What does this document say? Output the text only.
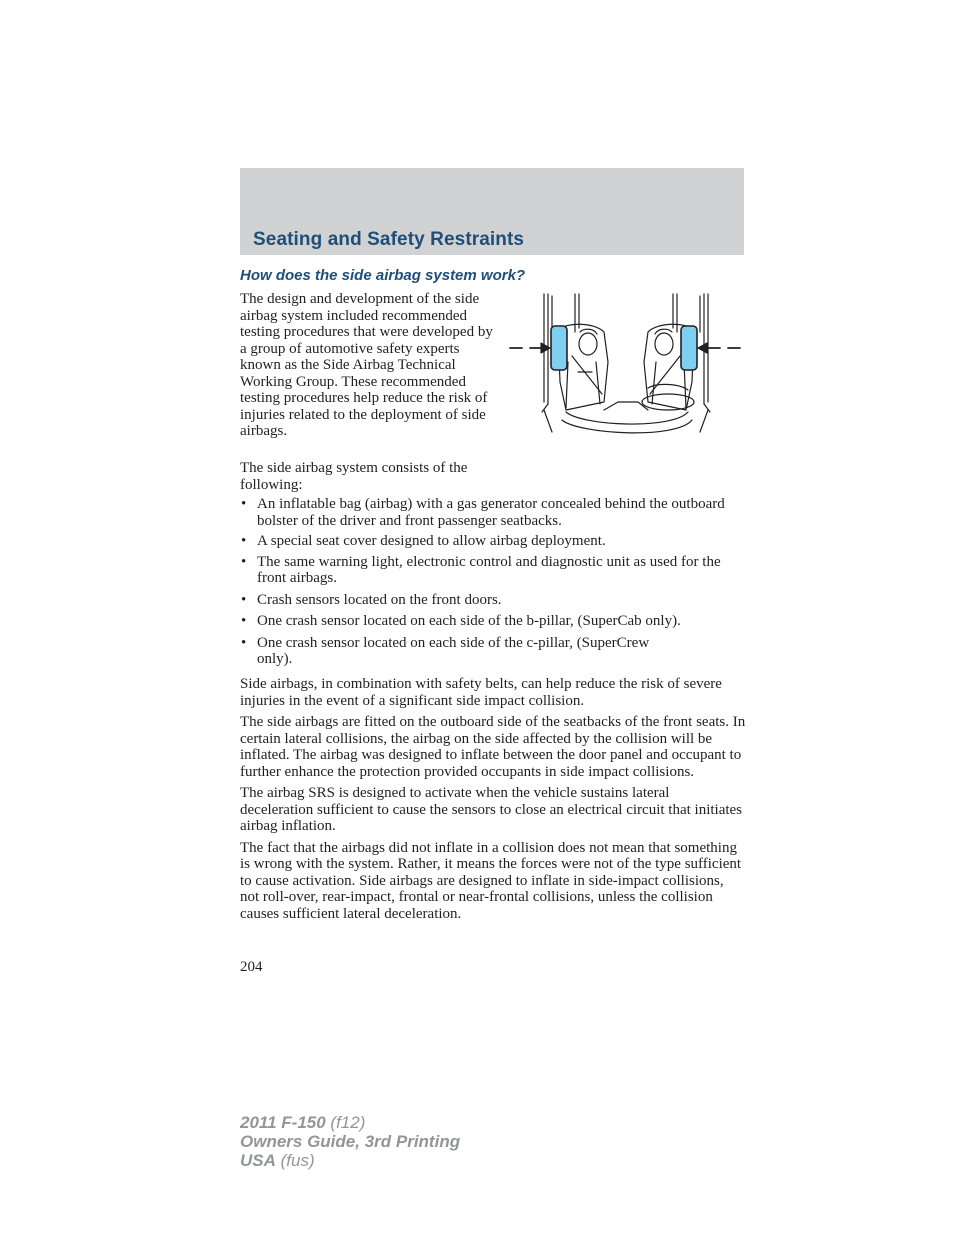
Seating and Safety Restraints
How does the side airbag system work?

The design and development of the side airbag system included recommended testing procedures that were developed by a group of automotive safety experts known as the Side Airbag Technical Working Group. These recommended testing procedures help reduce the risk of injuries related to the deployment of side airbags.

The side airbag system consists of the following:

• An inflatable bag (airbag) with a gas generator concealed behind the outboard bolster of the driver and front passenger seatbacks.
• A special seat cover designed to allow airbag deployment.
• The same warning light, electronic control and diagnostic unit as used for the front airbags.
• Crash sensors located on the front doors.
• One crash sensor located on each side of the b-pillar, (SuperCab only).
• One crash sensor located on each side of the c-pillar, (SuperCrew only).

Side airbags, in combination with safety belts, can help reduce the risk of severe injuries in the event of a significant side impact collision.

The side airbags are fitted on the outboard side of the seatbacks of the front seats. In certain lateral collisions, the airbag on the side affected by the collision will be inflated. The airbag was designed to inflate between the door panel and occupant to further enhance the protection provided occupants in side impact collisions.

The airbag SRS is designed to activate when the vehicle sustains lateral deceleration sufficient to cause the sensors to close an electrical circuit that initiates airbag inflation.

The fact that the airbags did not inflate in a collision does not mean that something is wrong with the system. Rather, it means the forces were not of the type sufficient to cause activation. Side airbags are designed to inflate in side-impact collisions, not roll-over, rear-impact, frontal or near-frontal collisions, unless the collision causes sufficient lateral deceleration.

204
2011 F-150 (f12)
Owners Guide, 3rd Printing
USA (fus)
